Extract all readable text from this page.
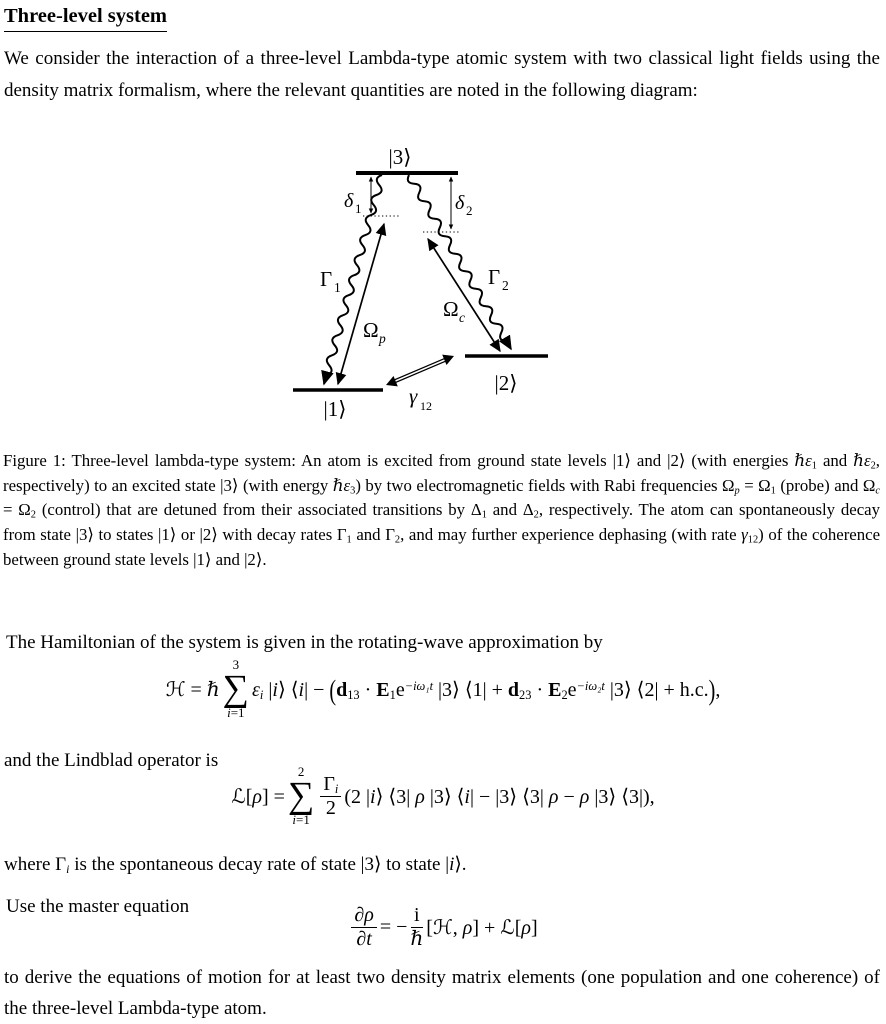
Three-level system
We consider the interaction of a three-level Lambda-type atomic system with two classical light fields using the density matrix formalism, where the relevant quantities are noted in the following diagram:
|3⟩
|1⟩
|2⟩
δ 1	δ 2
Γ 1	Γ 2
Ω p
Ω c
γ 12
Figure 1: Three-level lambda-type system: An atom is excited from ground state levels |1⟩ and |2⟩ (with energies ℏε$_1$ and ℏε$_2$, respectively) to an excited state |3⟩ (with energy ℏε$_3$) by two electromagnetic fields with Rabi frequencies $\Omega_p = \Omega_1$ (probe) and $\Omega_c = \Omega_2$ (control) that are detuned from their associated transitions by $\Delta_1$ and $\Delta_2$, respectively. The atom can spontaneously decay from state |3⟩ to states |1⟩ or |2⟩ with decay rates $\Gamma_1$ and $\Gamma_2$, and may further experience dephasing (with rate $\gamma_{12}$) of the coherence between ground state levels |1⟩ and |2⟩.
The Hamiltonian of the system is given in the rotating-wave approximation by
ℋ = ℏ
3
∑
i=1
$\varepsilon_i$ |i⟩ ⟨i| − ($d_{13} \cdot E_1e^{-i\omega_1t}$ |3⟩ ⟨1| + $d_{23} \cdot E_2e^{-i\omega_2t}$ |3⟩ ⟨2| + h.c.),
and the Lindblad operator is
ℒ[ρ] =
2
∑
i=1
$\frac{\Gamma_i}{2} (2$ |i⟩ ⟨3| ρ |3⟩ ⟨i| − |3⟩ ⟨3| ρ − ρ |3⟩ ⟨3|),
where $\Gamma_i$ is the spontaneous decay rate of state |3⟩ to state |i⟩.
Use the master equation	$\frac{\partial\rho}{\partial t}$ = − $\frac{i}{\text{ℏ}}$ [ℋ, ρ] + ℒ[ρ]
to derive the equations of motion for at least two density matrix elements (one population and one coherence) of the three-level Lambda-type atom.
